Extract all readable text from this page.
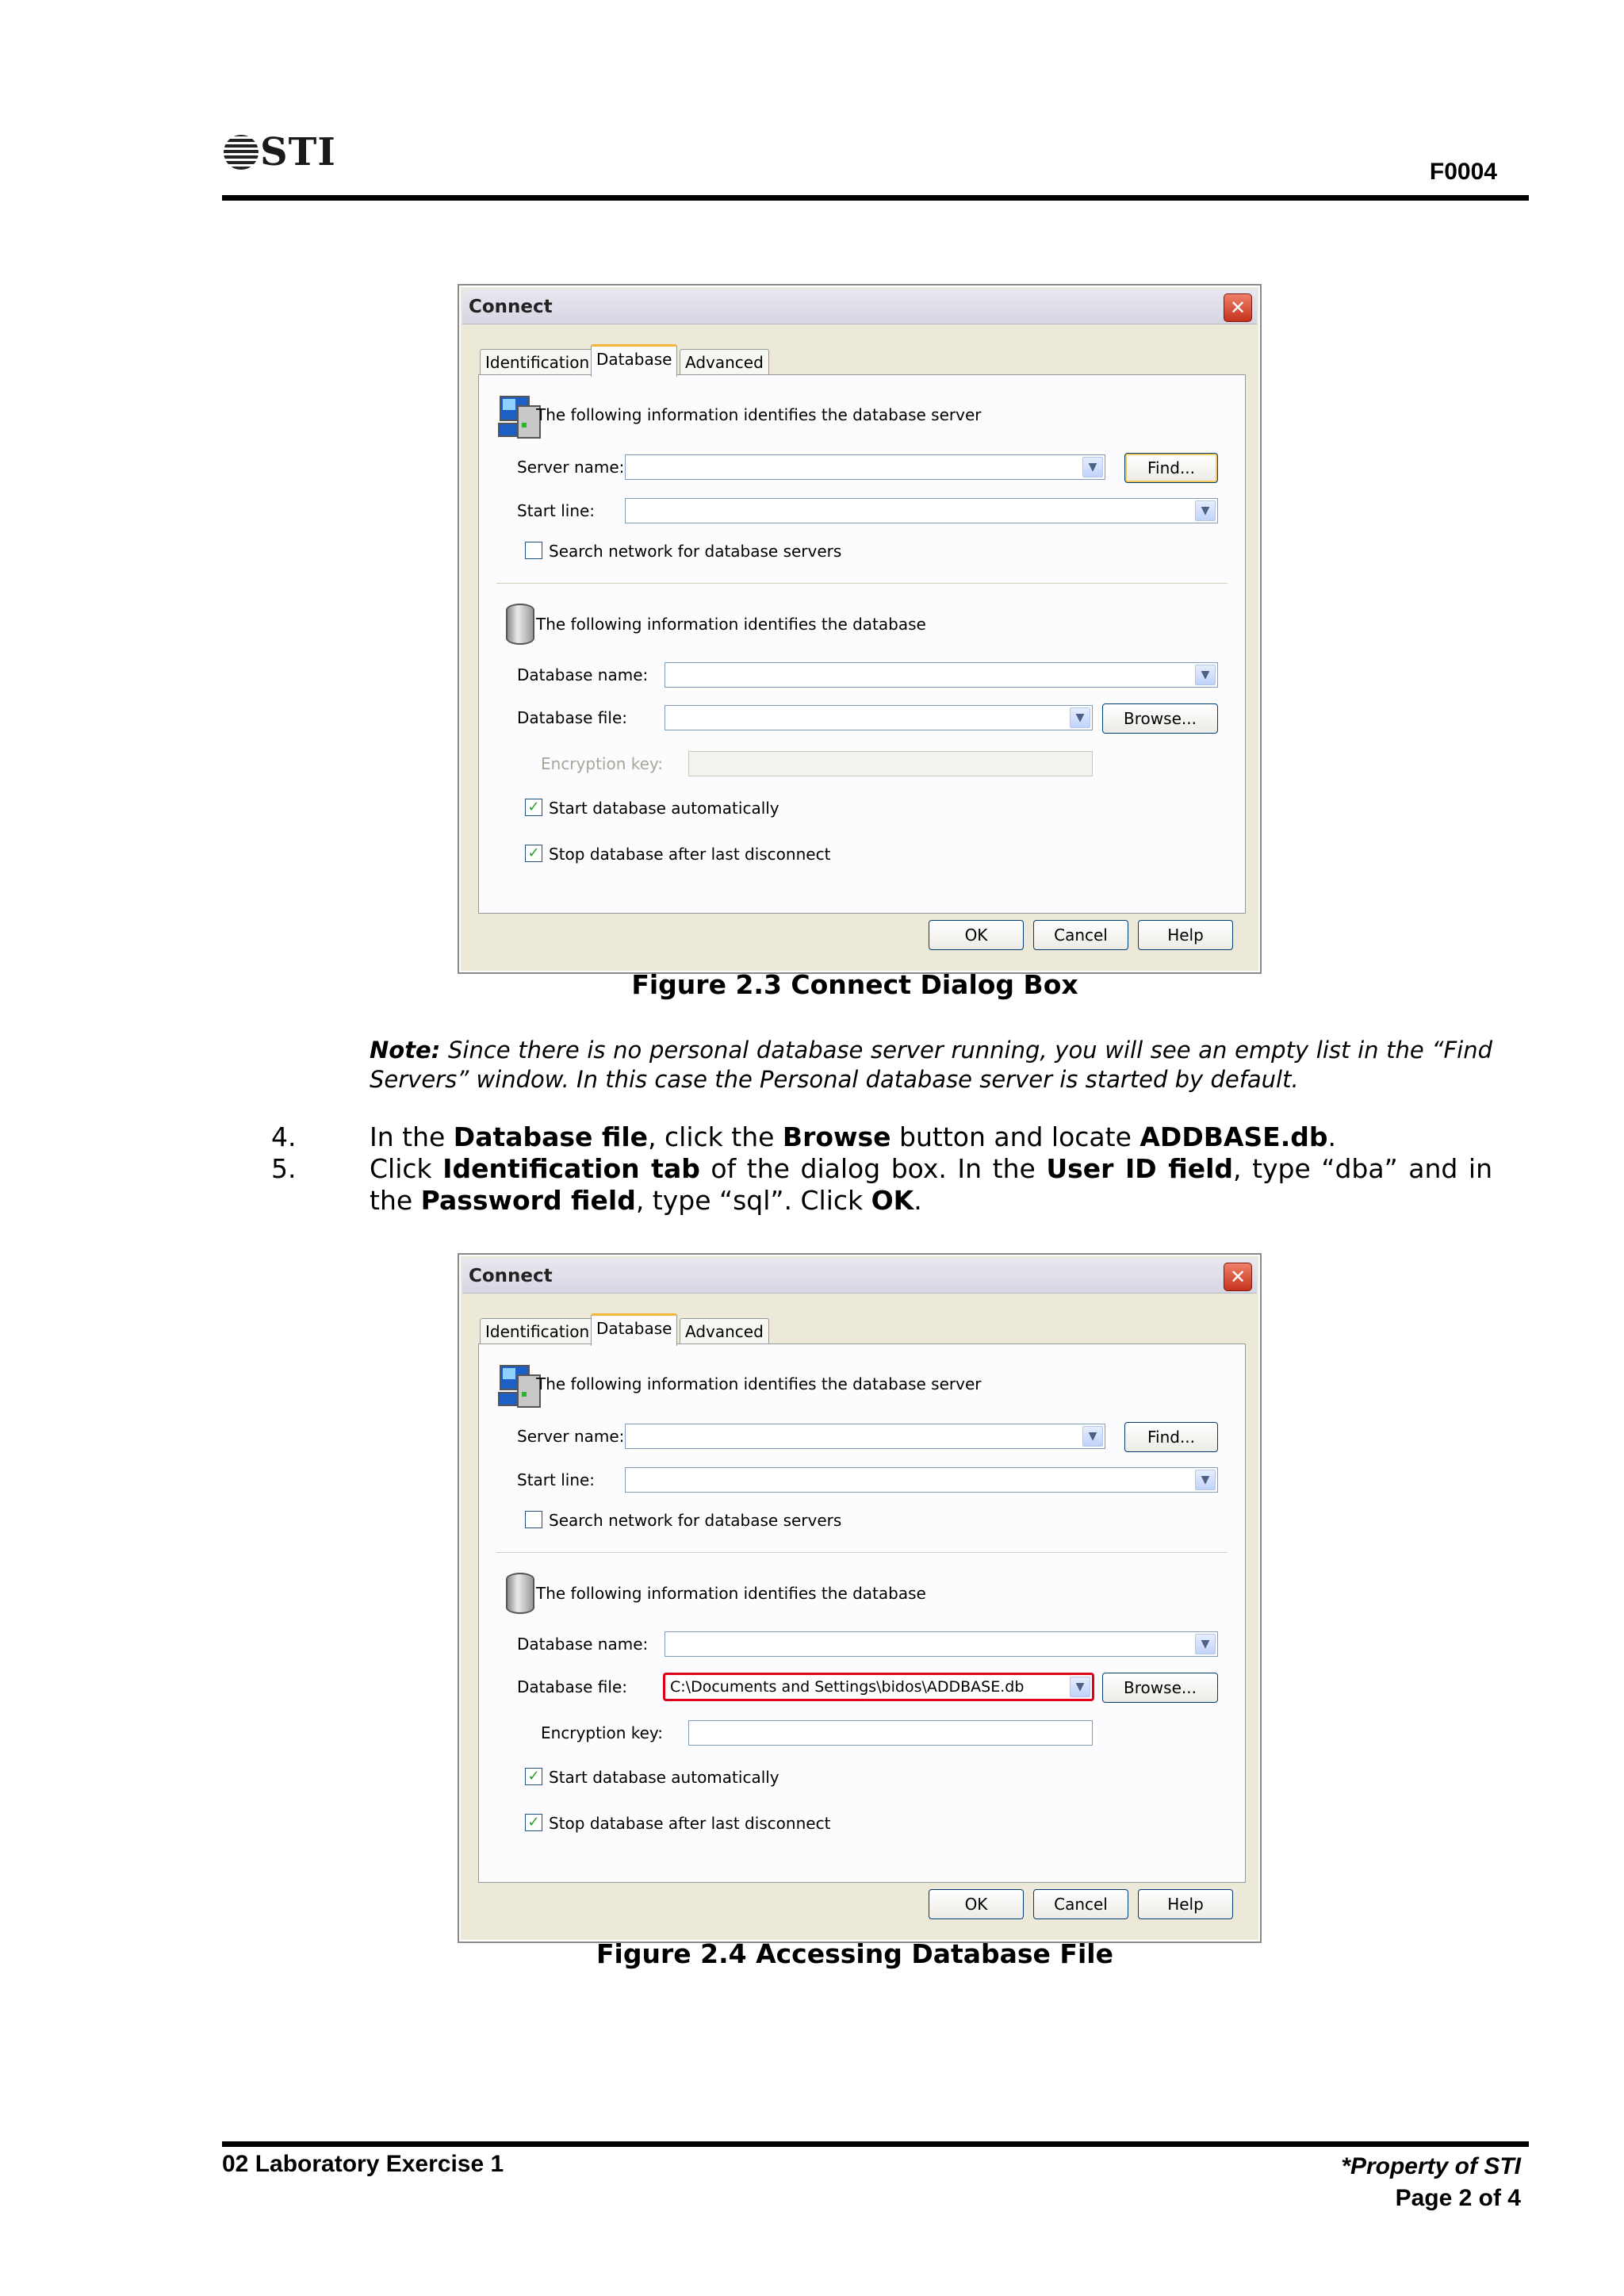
STI	F0004
Connect	✕
Identification Database Advanced
The following information identifies the database server
Server name:	▼	Find...
Start line:	▼
Search network for database servers
The following information identifies the database
Database name:	▼
Database file:	▼	Browse...
Encryption key:
✓ Start database automatically
✓ Stop database after last disconnect
OK	Cancel	Help
Figure 2.3 Connect Dialog Box
Note: Since there is no personal database server running, you will see an empty list in the “Find Servers” window. In this case the Personal database server is started by default.
4.	In the Database file, click the Browse button and locate ADDBASE.db.
5.	Click Identification tab of the dialog box. In the User ID field, type “dba” and in the Password field, type “sql”. Click OK.
Connect	✕
Identification Database Advanced
The following information identifies the database server
Server name:	▼	Find...
Start line:	▼
Search network for database servers
The following information identifies the database
Database name:	▼
Database file:	C:\Documents and Settings\bidos\ADDBASE.db	▼	Browse...
Encryption key:
✓ Start database automatically
✓ Stop database after last disconnect
OK	Cancel	Help
Figure 2.4 Accessing Database File
02 Laboratory Exercise 1	*Property of STI
Page 2 of 4
